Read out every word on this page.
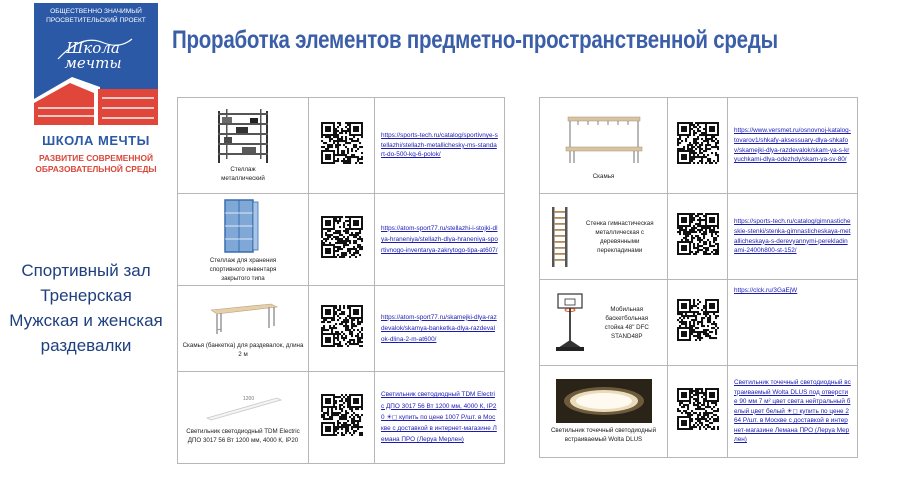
ОБЩЕСТВЕННО ЗНАЧИМЫЙ
ПРОСВЕТИТЕЛЬСКИЙ ПРОЕКТ
Школа
мечты
ШКОЛА МЕЧТЫ
РАЗВИТИЕ СОВРЕМЕННОЙ
ОБРАЗОВАТЕЛЬНОЙ СРЕДЫ
Проработка элементов предметно-пространственной среды
Спортивный зал
Тренерская
Мужская и женская
раздевалки
Стеллаж металлический		https://sports-tech.ru/catalog/sportivnye-stellazhi/stellazh-metallichesky-ms-standart-do-500-kg-6-polok/

Стеллаж для хранения спортивного инвентаря закрытого типа		https://atom-sport77.ru/stellazhi-i-stojki-dlya-hraneniya/stellazh-dlya-hraneniya-sportivnogo-inventarya-zakrytogo-tipa-at607/

Скамья (банкетка) для раздевалок, длина 2 м		https://atom-sport77.ru/skamejki-dlya-razdevalok/skamya-banketka-dlya-razdevalok-dlina-2-m-at600/

1200
Светильник светодиодный TDM Electric ДПО 3017 56 Вт 1200 мм, 4000 К, IP20		Светильник светодиодный TDM Electric ДПО 3017 56 Вт 1200 мм, 4000 К, IP20 ☀◻ купить по цене 1007 Р/шт. в Москве с доставкой в интернет-магазине Лемана ПРО (Леруа Мерлен)
Скамья		https://www.versmet.ru/osnovnoj-katalog-tovarov1/shkafy-aksessuary-dlya-shkafov/skamejki-dlya-razdevalok/skam-ya-s-kryuchkami-dlya-odezhdy/skam-ya-sv-80/

Стенка гимнастическая металлическая с деревянными перекладинами		https://sports-tech.ru/catalog/gimnasticheskie-stenki/stenka-gimnasticheskaya-metallicheskaya-s-derevyannymi-perekladinami-2400h800-st-152/

Мобильная баскетбольная стойка 48" DFC STAND48P		https://clck.ru/3GaEjW

Светильник точечный светодиодный встраиваемый Wolta DLUS		Светильник точечный светодиодный встраиваемый Wolta DLUS под отверстие 90 мм 7 м² цвет света нейтральный белый цвет белый ☀◻ купить по цене 264 Р/шт. в Москве с доставкой в интернет-магазине Лемана ПРО (Леруа Мерлен)
